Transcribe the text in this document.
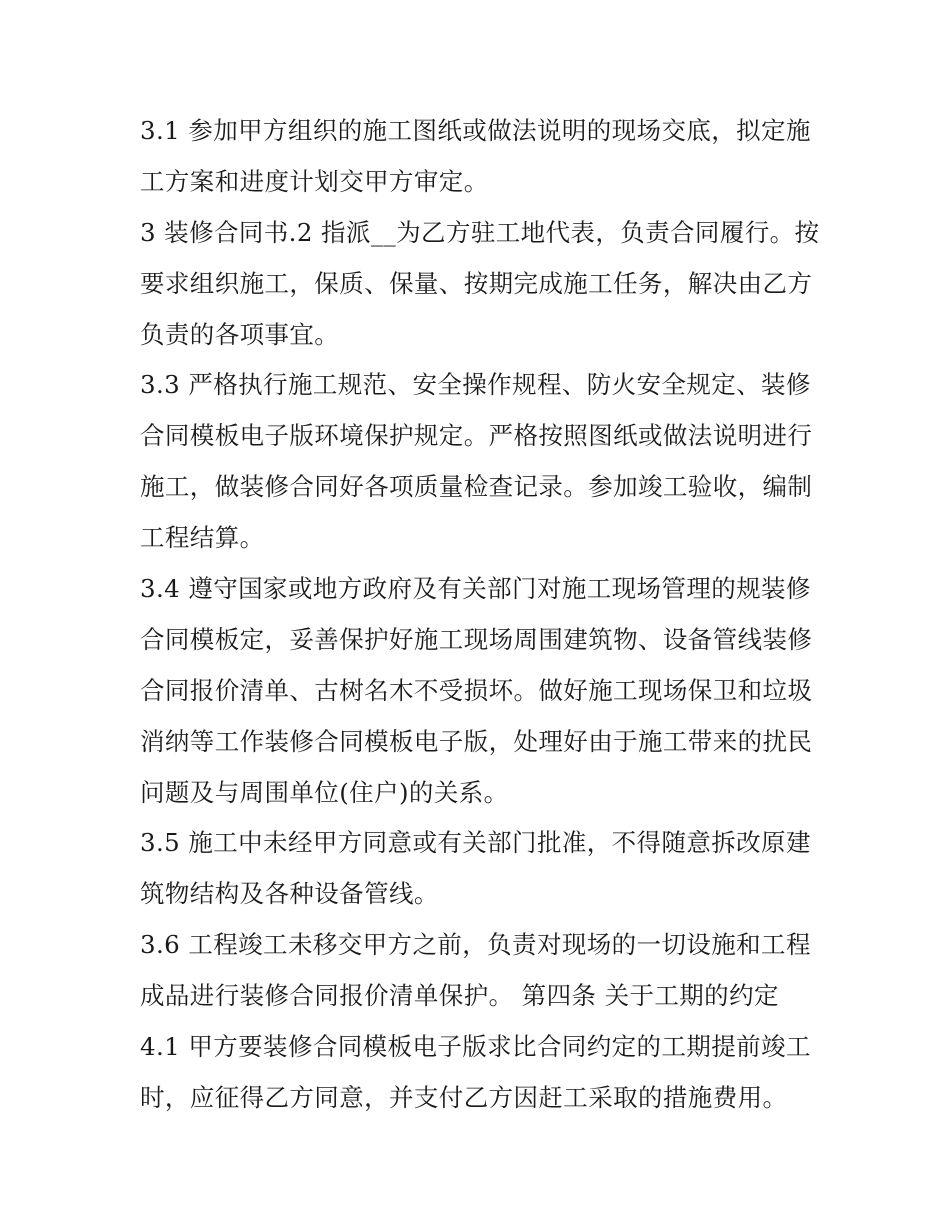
3.1 参加甲方组织的施工图纸或做法说明的现场交底，拟定施
工方案和进度计划交甲方审定。
3 装修合同书.2 指派__为乙方驻工地代表，负责合同履行。按
要求组织施工，保质、保量、按期完成施工任务，解决由乙方
负责的各项事宜。
3.3 严格执行施工规范、安全操作规程、防火安全规定、装修
合同模板电子版环境保护规定。严格按照图纸或做法说明进行
施工，做装修合同好各项质量检查记录。参加竣工验收，编制
工程结算。
3.4 遵守国家或地方政府及有关部门对施工现场管理的规装修
合同模板定，妥善保护好施工现场周围建筑物、设备管线装修
合同报价清单、古树名木不受损坏。做好施工现场保卫和垃圾
消纳等工作装修合同模板电子版，处理好由于施工带来的扰民
问题及与周围单位(住户)的关系。
3.5 施工中未经甲方同意或有关部门批准，不得随意拆改原建
筑物结构及各种设备管线。
3.6 工程竣工未移交甲方之前，负责对现场的一切设施和工程
成品进行装修合同报价清单保护。 第四条 关于工期的约定
4.1 甲方要装修合同模板电子版求比合同约定的工期提前竣工
时，应征得乙方同意，并支付乙方因赶工采取的措施费用。
